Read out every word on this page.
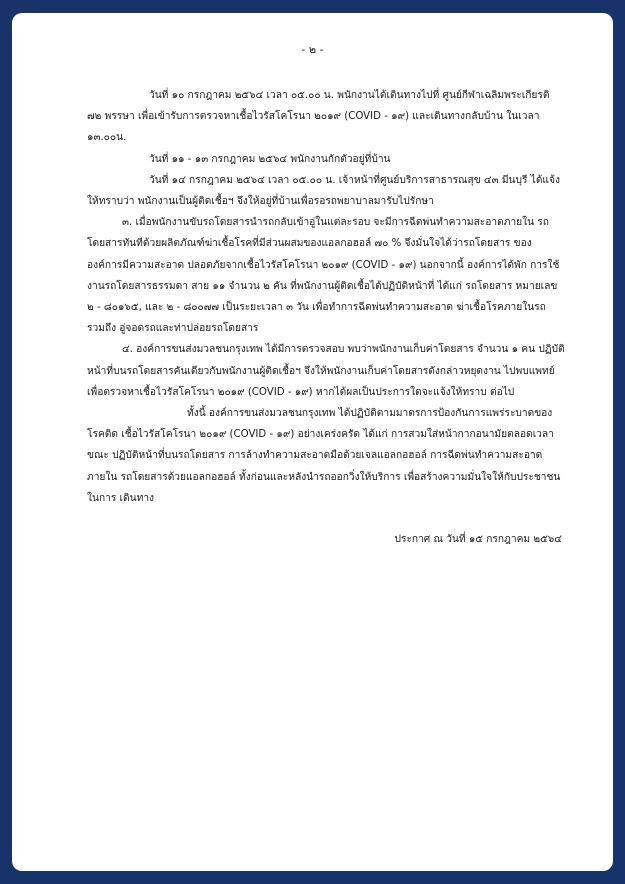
- ๒ -

วันที่ ๑๐ กรกฎาคม ๒๕๖๔ เวลา ๐๕.๐๐ น. พนักงานได้เดินทางไปที่ ศูนย์กีฬาเฉลิมพระเกียรติ ๗๒ พรรษา เพื่อเข้ารับการตรวจหาเชื้อไวรัสโคโรนา ๒๐๑๙ (COVID - ๑๙) และเดินทางกลับบ้าน ในเวลา ๑๓.๐๐น.

วันที่ ๑๑ - ๑๓ กรกฎาคม ๒๕๖๔ พนักงานกักตัวอยู่ที่บ้าน

วันที่ ๑๔ กรกฎาคม ๒๕๖๔ เวลา ๐๕.๐๐ น. เจ้าหน้าที่ศูนย์บริการสาธารณสุข ๔๓ มีนบุรี ได้แจ้งให้ทราบว่า พนักงานเป็นผู้ติดเชื้อฯ จึงให้อยู่ที่บ้านเพื่อรอรถพยาบาลมารับไปรักษา

๓. เมื่อพนักงานขับรถโดยสารนำรถกลับเข้าอู่ในแต่ละรอบ จะมีการฉีดพ่นทำความสะอาดภายใน รถโดยสารทันทีด้วยผลิตภัณฑ์ฆ่าเชื้อโรคที่มีส่วนผสมของแอลกอฮอล์ ๗๐ % จึงมั่นใจได้ว่ารถโดยสาร ขององค์การมีความสะอาด ปลอดภัยจากเชื้อไวรัสโคโรนา ๒๐๑๙ (COVID - ๑๙) นอกจากนี้ องค์การได้พัก การใช้งานรถโดยสารธรรมดา สาย ๑๑ จำนวน ๒ คัน ที่พนักงานผู้ติดเชื้อได้ปฏิบัติหน้าที่ ได้แก่ รถโดยสาร หมายเลข ๒ - ๘๐๑๖๕, และ ๒ - ๘๐๐๗๗ เป็นระยะเวลา ๓ วัน เพื่อทำการฉีดพ่นทำความสะอาด ฆ่าเชื้อโรคภายในรถ รวมถึง อู่จอดรถและท่าปล่อยรถโดยสาร

๔. องค์การขนส่งมวลชนกรุงเทพ ได้มีการตรวจสอบ พบว่าพนักงานเก็บค่าโดยสาร จำนวน ๑ คน ปฏิบัติหน้าที่บนรถโดยสารคันเดียวกับพนักงานผู้ติดเชื้อฯ จึงให้พนักงานเก็บค่าโดยสารดังกล่าวหยุดงาน ไปพบแพทย์ เพื่อตรวจหาเชื้อไวรัสโคโรนา ๒๐๑๙ (COVID - ๑๙) หากได้ผลเป็นประการใดจะแจ้งให้ทราบ ต่อไป

ทั้งนี้ องค์การขนส่งมวลชนกรุงเทพ ได้ปฏิบัติตามมาตรการป้องกันการแพร่ระบาดของโรคติด เชื้อไวรัสโคโรนา ๒๐๑๙ (COVID - ๑๙) อย่างเคร่งครัด ได้แก่ การสวมใส่หน้ากากอนามัยตลอดเวลาขณะ ปฏิบัติหน้าที่บนรถโดยสาร การล้างทำความสะอาดมือด้วยเจลแอลกอฮอล์ การฉีดพ่นทำความสะอาดภายใน รถโดยสารด้วยแอลกอฮอล์ ทั้งก่อนและหลังนำรถออกวิ่งให้บริการ เพื่อสร้างความมั่นใจให้กับประชาชนในการ เดินทาง

ประกาศ ณ วันที่ ๑๕ กรกฎาคม ๒๕๖๔
